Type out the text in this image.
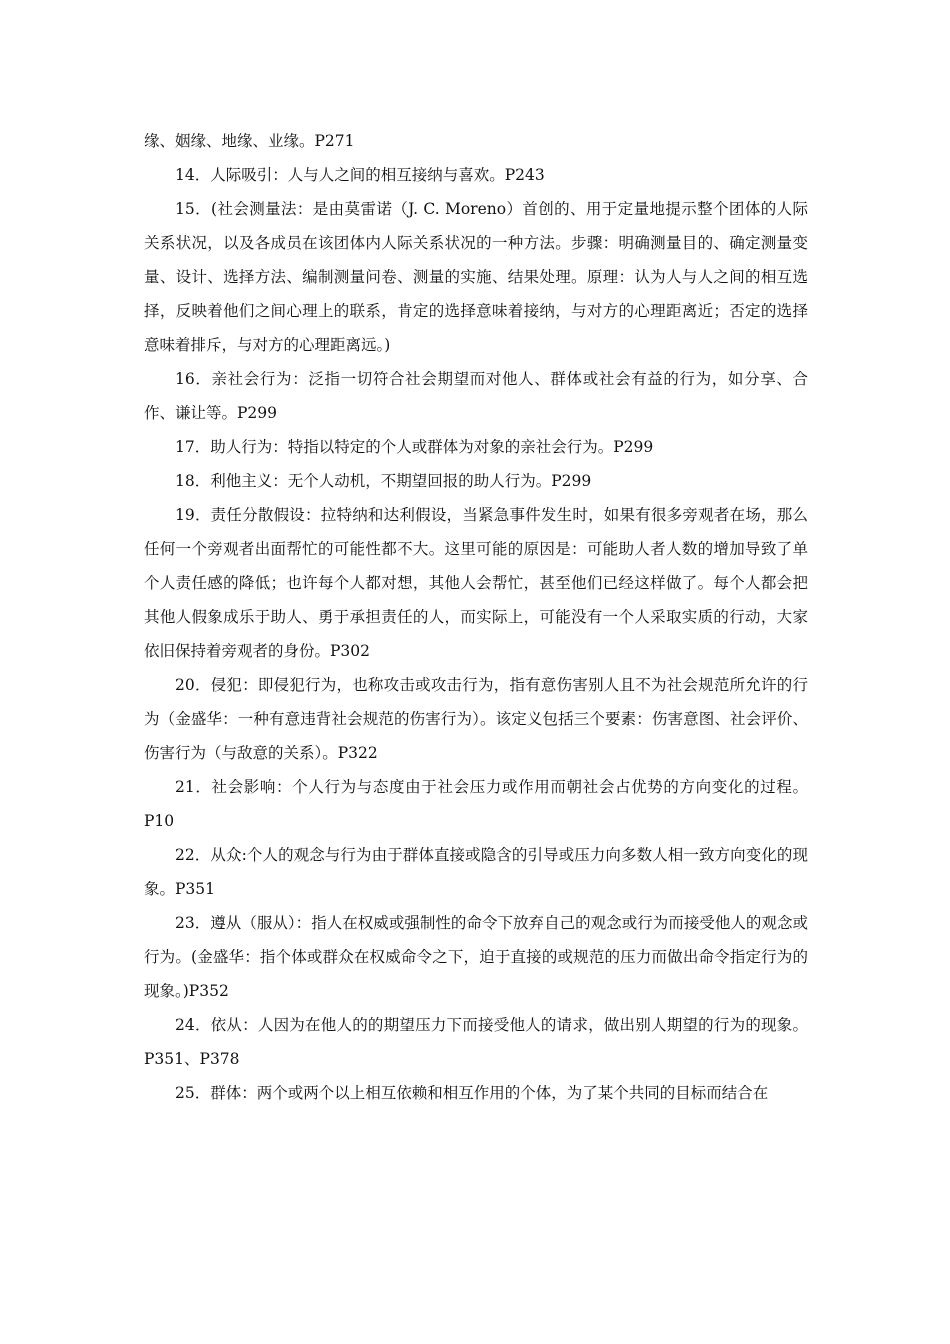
缘、姻缘、地缘、业缘。P271

14．人际吸引：人与人之间的相互接纳与喜欢。P243

15．(社会测量法：是由莫雷诺（J. C. Moreno）首创的、用于定量地提示整个团体的人际关系状况，以及各成员在该团体内人际关系状况的一种方法。步骤：明确测量目的、确定测量变量、设计、选择方法、编制测量问卷、测量的实施、结果处理。原理：认为人与人之间的相互选择，反映着他们之间心理上的联系，肯定的选择意味着接纳，与对方的心理距离近；否定的选择意味着排斥，与对方的心理距离远。)

16．亲社会行为：泛指一切符合社会期望而对他人、群体或社会有益的行为，如分享、合作、谦让等。P299

17．助人行为：特指以特定的个人或群体为对象的亲社会行为。P299

18．利他主义：无个人动机，不期望回报的助人行为。P299

19．责任分散假设：拉特纳和达利假设，当紧急事件发生时，如果有很多旁观者在场，那么任何一个旁观者出面帮忙的可能性都不大。这里可能的原因是：可能助人者人数的增加导致了单个人责任感的降低；也许每个人都对想，其他人会帮忙，甚至他们已经这样做了。每个人都会把其他人假象成乐于助人、勇于承担责任的人，而实际上，可能没有一个人采取实质的行动，大家依旧保持着旁观者的身份。P302

20．侵犯：即侵犯行为，也称攻击或攻击行为，指有意伤害别人且不为社会规范所允许的行为（金盛华：一种有意违背社会规范的伤害行为）。该定义包括三个要素：伤害意图、社会评价、伤害行为（与敌意的关系）。P322

21．社会影响：个人行为与态度由于社会压力或作用而朝社会占优势的方向变化的过程。P10

22．从众:个人的观念与行为由于群体直接或隐含的引导或压力向多数人相一致方向变化的现象。P351

23．遵从（服从）：指人在权威或强制性的命令下放弃自己的观念或行为而接受他人的观念或行为。(金盛华：指个体或群众在权威命令之下，迫于直接的或规范的压力而做出命令指定行为的现象。)P352

24．依从：人因为在他人的的期望压力下而接受他人的请求，做出别人期望的行为的现象。P351、P378

25．群体：两个或两个以上相互依赖和相互作用的个体，为了某个共同的目标而结合在
